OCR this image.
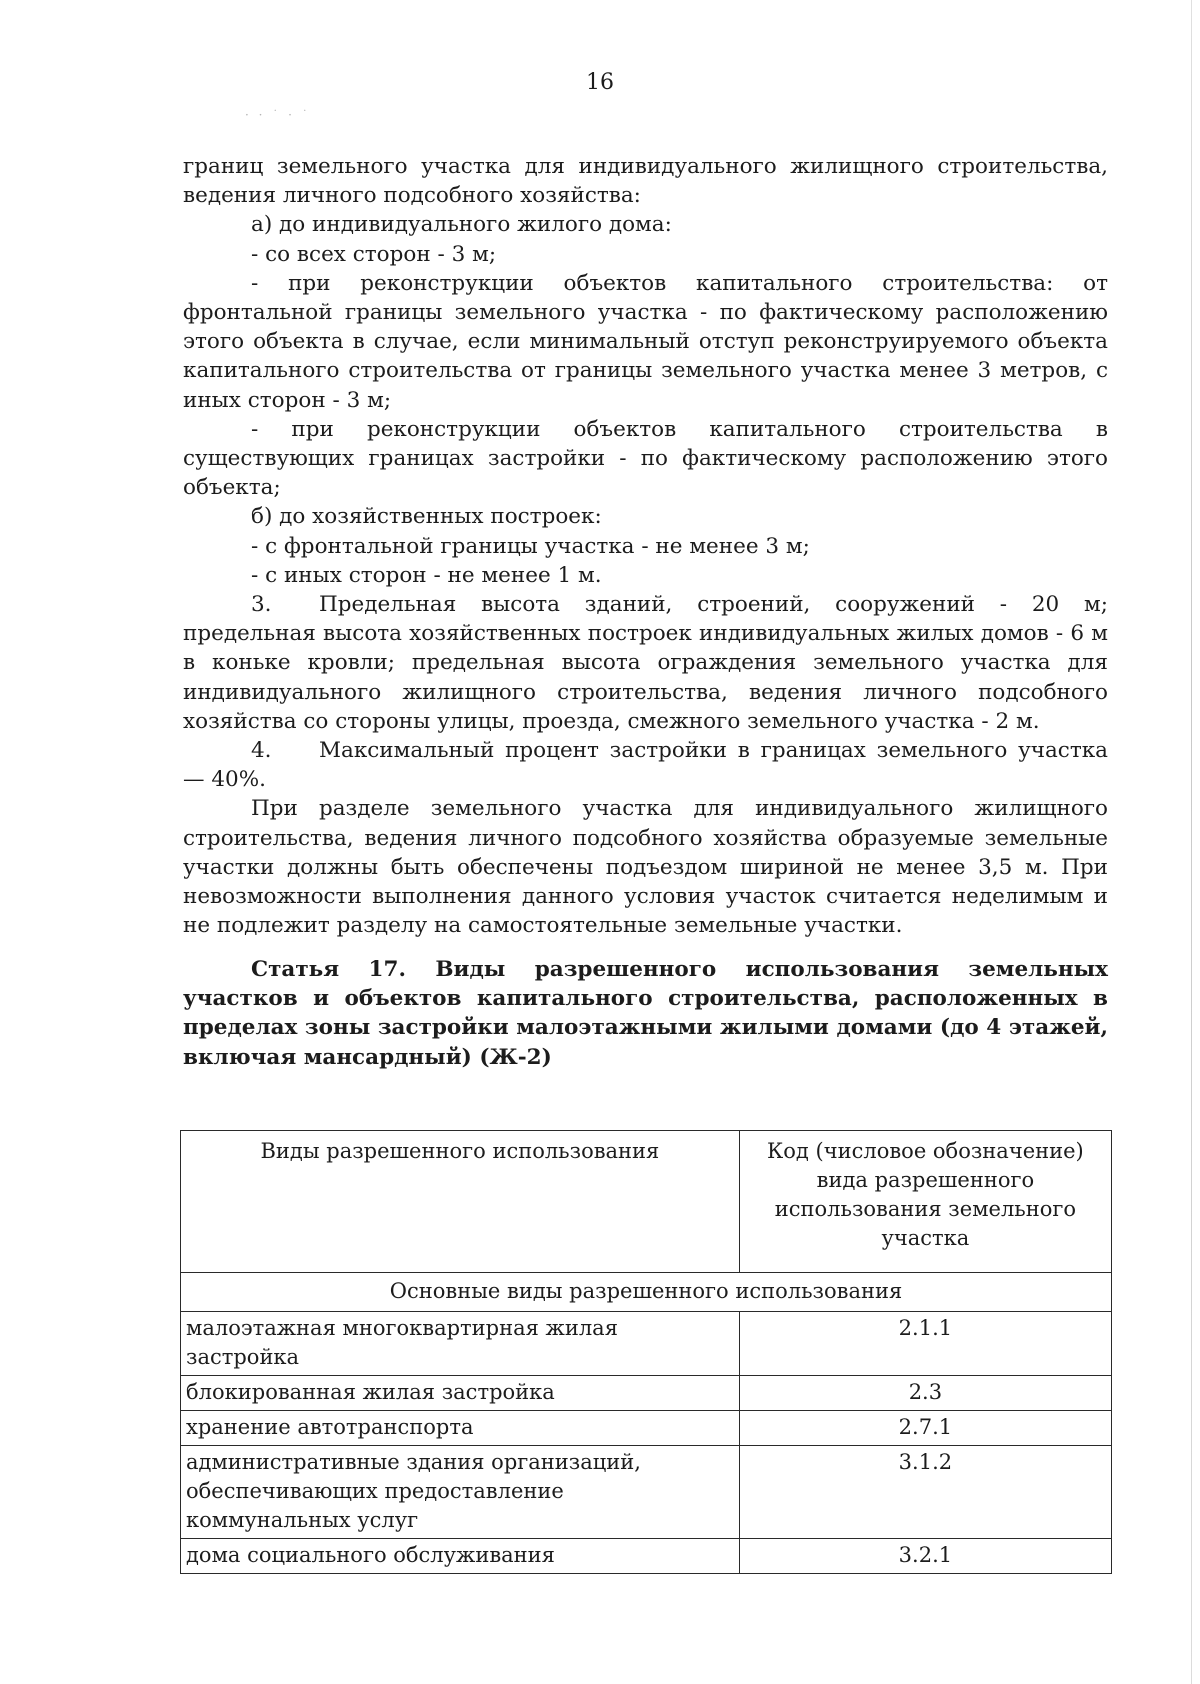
· · ˙ · ˙
16

границ земельного участка для индивидуального жилищного строительства, ведения личного подсобного хозяйства:

а) до индивидуального жилого дома:

- со всех сторон - 3 м;

- при реконструкции объектов капитального строительства: от фронтальной границы земельного участка - по фактическому расположению этого объекта в случае, если минимальный отступ реконструируемого объекта капитального строительства от границы земельного участка менее 3 метров, с иных сторон - 3 м;

- при реконструкции объектов капитального строительства в существующих границах застройки - по фактическому расположению этого объекта;

б) до хозяйственных построек:

- с фронтальной границы участка - не менее 3 м;

- с иных сторон - не менее 1 м.

3. Предельная высота зданий, строений, сооружений - 20 м; предельная высота хозяйственных построек индивидуальных жилых домов - 6 м в коньке кровли; предельная высота ограждения земельного участка для индивидуального жилищного строительства, ведения личного подсобного хозяйства со стороны улицы, проезда, смежного земельного участка - 2 м.

4. Максимальный процент застройки в границах земельного участка — 40%.

При разделе земельного участка для индивидуального жилищного строительства, ведения личного подсобного хозяйства образуемые земельные участки должны быть обеспечены подъездом шириной не менее 3,5 м. При невозможности выполнения данного условия участок считается неделимым и не подлежит разделу на самостоятельные земельные участки.

Статья 17. Виды разрешенного использования земельных участков и объектов капитального строительства, расположенных в пределах зоны застройки малоэтажными жилыми домами (до 4 этажей, включая мансардный) (Ж-2)
Виды разрешенного использования	Код (числовое обозначение) вида разрешенного использования земельного участка
Основные виды разрешенного использования	
малоэтажная многоквартирная жилая застройка	2.1.1
блокированная жилая застройка	2.3
хранение автотранспорта	2.7.1
административные здания организаций, обеспечивающих предоставление коммунальных услуг	3.1.2
дома социального обслуживания	3.2.1
